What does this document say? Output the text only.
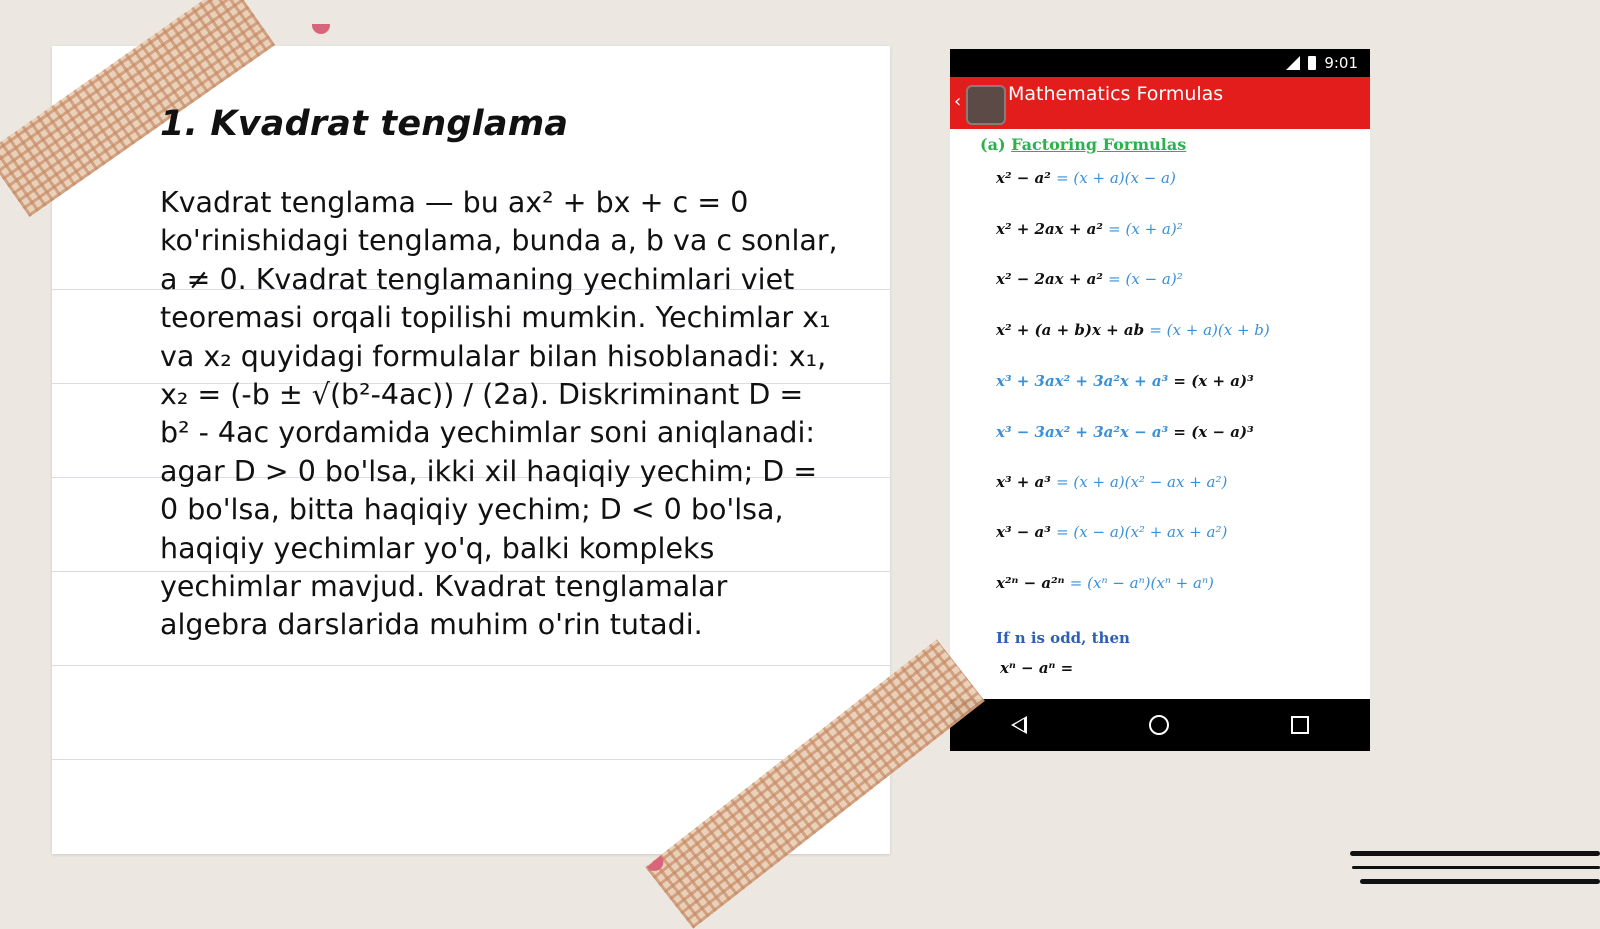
1. Kvadrat tenglama

Kvadrat tenglama — bu ax² + bx + c = 0 ko'rinishidagi tenglama, bunda a, b va c sonlar, a ≠ 0. Kvadrat tenglamaning yechimlari viet teoremasi orqali topilishi mumkin. Yechimlar x₁ va x₂ quyidagi formulalar bilan hisoblanadi: x₁, x₂ = (-b ± √(b²-4ac)) / (2a). Diskriminant D = b² - 4ac yordamida yechimlar soni aniqlanadi: agar D > 0 bo'lsa, ikki xil haqiqiy yechim; D = 0 bo'lsa, bitta haqiqiy yechim; D < 0 bo'lsa, haqiqiy yechimlar yo'q, balki kompleks yechimlar mavjud. Kvadrat tenglamalar algebra darslarida muhim o'rin tutadi.

9:01
‹ Mathematics Formulas
(a) Factoring Formulas
x² − a² = (x + a)(x − a)
x² + 2ax + a² = (x + a)²
x² − 2ax + a² = (x − a)²
x² + (a + b)x + ab = (x + a)(x + b)
x³ + 3ax² + 3a²x + a³ = (x + a)³
x³ − 3ax² + 3a²x − a³ = (x − a)³
x³ + a³ = (x + a)(x² − ax + a²)
x³ − a³ = (x − a)(x² + ax + a²)
x²ⁿ − a²ⁿ = (xⁿ − aⁿ)(xⁿ + aⁿ)
If n is odd, then
xⁿ − aⁿ =
